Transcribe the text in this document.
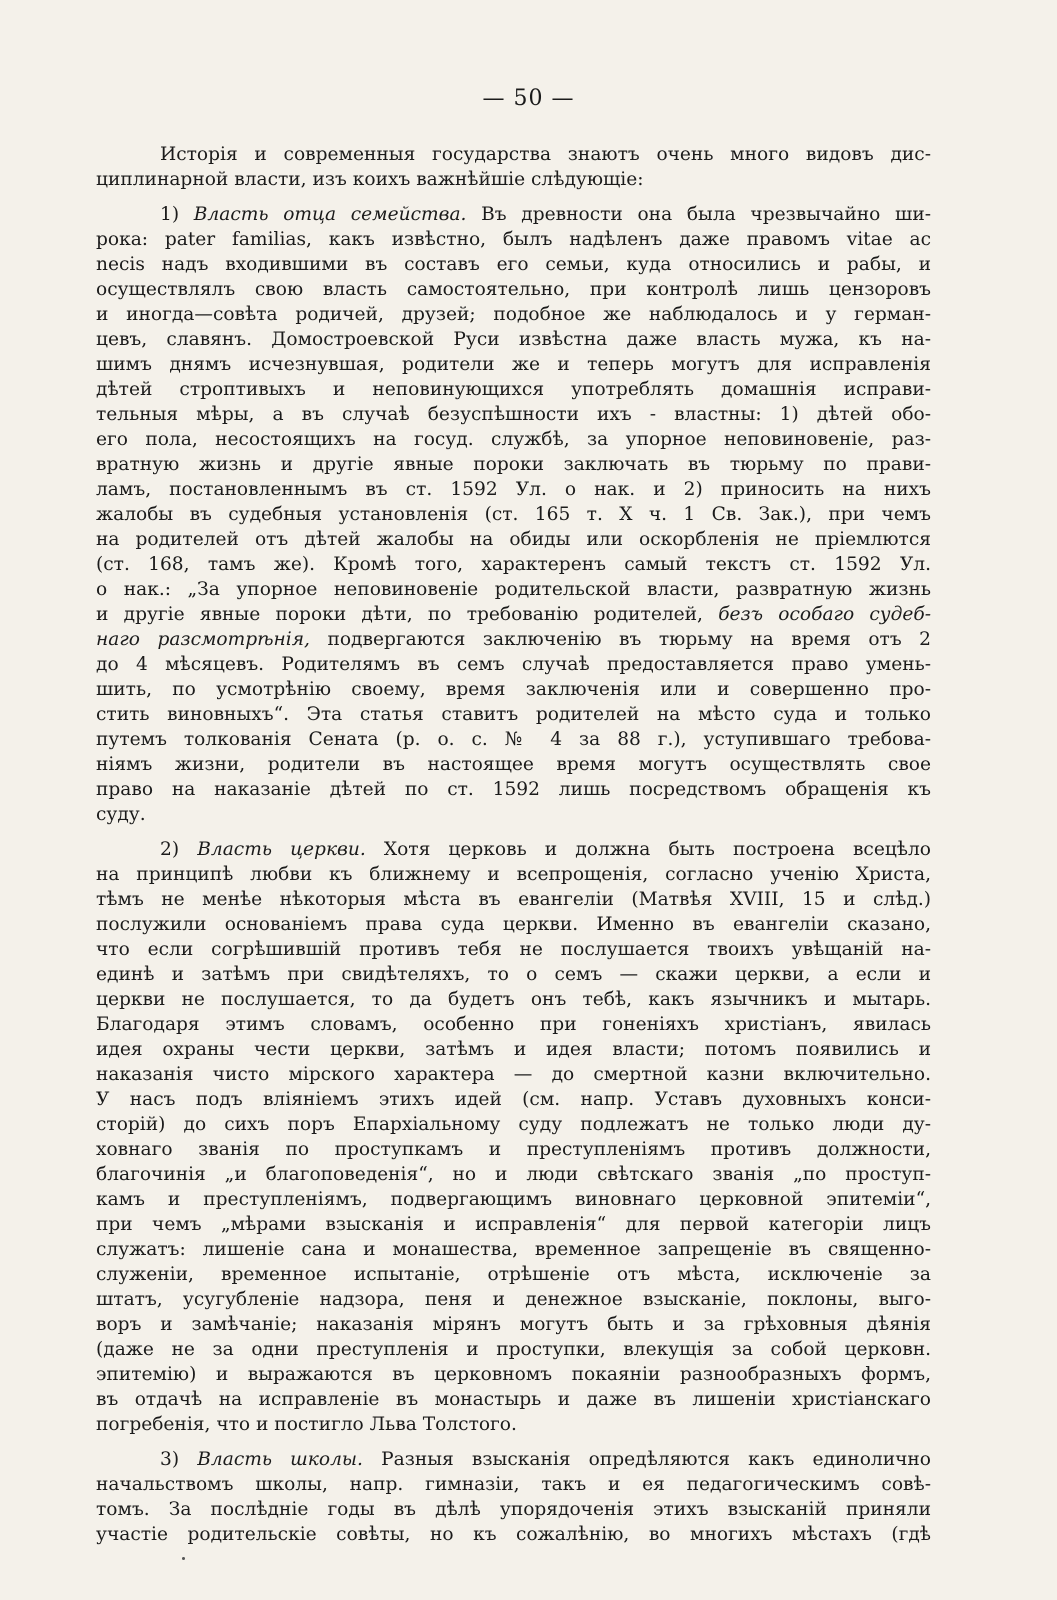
— 50 —
Исторія и современныя государства знаютъ очень много видовъ дис-
циплинарной власти, изъ коихъ важнѣйшіе слѣдующіе:
1) Власть отца семейства. Въ древности она была чрезвычайно ши-
рока: pater familias, какъ извѣстно, былъ надѣленъ даже правомъ vitae ac
necis надъ входившими въ составъ его семьи, куда относились и рабы, и
осуществлялъ свою власть самостоятельно, при контролѣ лишь цензоровъ
и иногда—совѣта родичей, друзей; подобное же наблюдалось и у герман-
цевъ, славянъ. Домостроевской Руси извѣстна даже власть мужа, къ на-
шимъ днямъ исчезнувшая, родители же и теперь могутъ для исправленія
дѣтей строптивыхъ и неповинующихся употреблять домашнія исправи-
тельныя мѣры, а въ случаѣ безуспѣшности ихъ - властны: 1) дѣтей обо-
его пола, несостоящихъ на госуд. службѣ, за упорное неповиновеніе, раз-
вратную жизнь и другіе явные пороки заключать въ тюрьму по прави-
ламъ, постановленнымъ въ ст. 1592 Ул. о нак. и 2) приносить на нихъ
жалобы въ судебныя установленія (ст. 165 т. X ч. 1 Св. Зак.), при чемъ
на родителей отъ дѣтей жалобы на обиды или оскорбленія не пріемлются
(ст. 168, тамъ же). Кромѣ того, характеренъ самый текстъ ст. 1592 Ул.
о нак.: „За упорное неповиновеніе родительской власти, развратную жизнь
и другіе явные пороки дѣти, по требованію родителей, безъ особаго судеб-
наго разсмотрѣнія, подвергаются заключенію въ тюрьму на время отъ 2
до 4 мѣсяцевъ. Родителямъ въ семъ случаѣ предоставляется право умень-
шить, по усмотрѣнію своему, время заключенія или и совершенно про-
стить виновныхъ“. Эта статья ставитъ родителей на мѣсто суда и только
путемъ толкованія Сената (р. о. с. № 4 за 88 г.), уступившаго требова-
ніямъ жизни, родители въ настоящее время могутъ осуществлять свое
право на наказаніе дѣтей по ст. 1592 лишь посредствомъ обращенія къ
суду.
2) Власть церкви. Хотя церковь и должна быть построена всецѣло
на принципѣ любви къ ближнему и всепрощенія, согласно ученію Христа,
тѣмъ не менѣе нѣкоторыя мѣста въ евангеліи (Матвѣя XVIII, 15 и слѣд.)
послужили основаніемъ права суда церкви. Именно въ евангеліи сказано,
что если согрѣшившій противъ тебя не послушается твоихъ увѣщаній на-
единѣ и затѣмъ при свидѣтеляхъ, то о семъ — скажи церкви, а если и
церкви не послушается, то да будетъ онъ тебѣ, какъ язычникъ и мытарь.
Благодаря этимъ словамъ, особенно при гоненіяхъ христіанъ, явилась
идея охраны чести церкви, затѣмъ и идея власти; потомъ появились и
наказанія чисто мірского характера — до смертной казни включительно.
У насъ подъ вліяніемъ этихъ идей (см. напр. Уставъ духовныхъ конси-
сторій) до сихъ поръ Епархіальному суду подлежатъ не только люди ду-
ховнаго званія по проступкамъ и преступленіямъ противъ должности,
благочинія „и благоповеденія“, но и люди свѣтскаго званія „по проступ-
камъ и преступленіямъ, подвергающимъ виновнаго церковной эпитеміи“,
при чемъ „мѣрами взысканія и исправленія“ для первой категоріи лицъ
служатъ: лишеніе сана и монашества, временное запрещеніе въ священно-
служеніи, временное испытаніе, отрѣшеніе отъ мѣста, исключеніе за
штатъ, усугубленіе надзора, пеня и денежное взысканіе, поклоны, выго-
воръ и замѣчаніе; наказанія мірянъ могутъ быть и за грѣховныя дѣянія
(даже не за одни преступленія и проступки, влекущія за собой церковн.
эпитемію) и выражаются въ церковномъ покаяніи разнообразныхъ формъ,
въ отдачѣ на исправленіе въ монастырь и даже въ лишеніи христіанскаго
погребенія, что и постигло Льва Толстого.
3) Власть школы. Разныя взысканія опредѣляются какъ единолично
начальствомъ школы, напр. гимназіи, такъ и ея педагогическимъ совѣ-
томъ. За послѣдніе годы въ дѣлѣ упорядоченія этихъ взысканій приняли
участіе родительскіе совѣты, но къ сожалѣнію, во многихъ мѣстахъ (гдѣ
